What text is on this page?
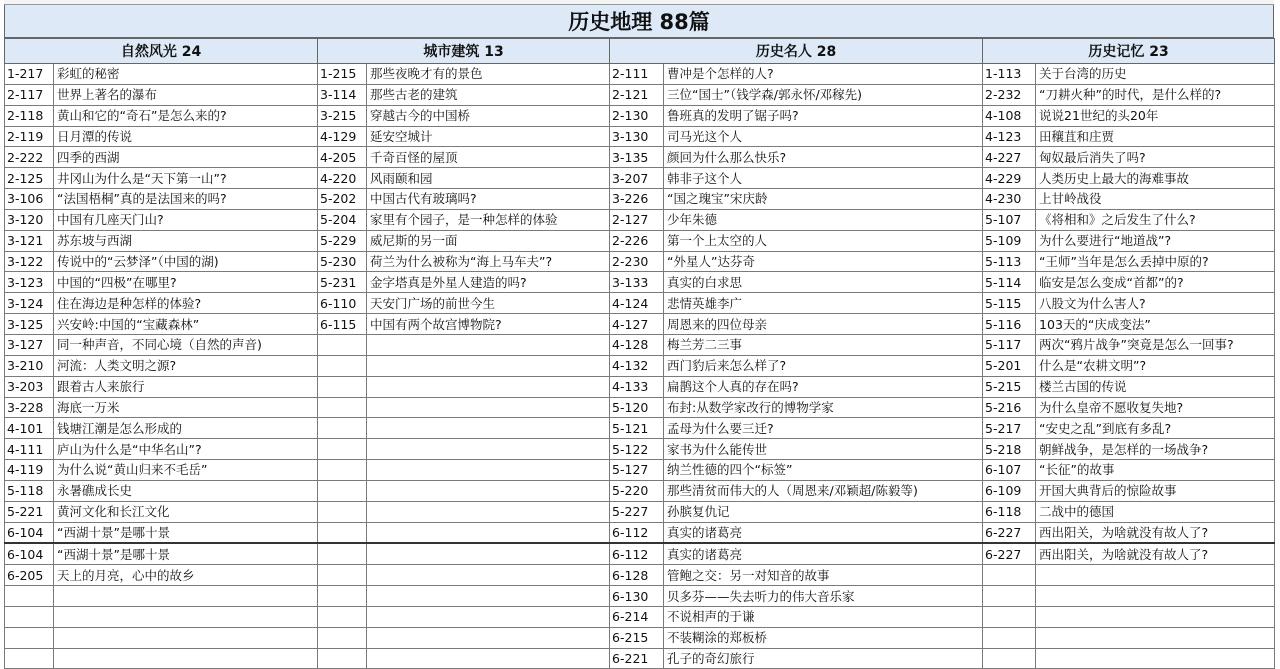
历史地理 88篇
自然风光 24		城市建筑 13		历史名人 28		历史记忆 23	
1-217	彩虹的秘密	1-215	那些夜晚才有的景色	2-111	曹冲是个怎样的人?	1-113	关于台湾的历史
2-117	世界上著名的瀑布	3-114	那些古老的建筑	2-121	三位“国士”（钱学森/郭永怀/邓稼先)	2-232	“刀耕火种”的时代，是什么样的?
2-118	黄山和它的“奇石”是怎么来的?	3-215	穿越古今的中国桥	2-130	鲁班真的发明了锯子吗?	4-108	说说21世纪的头20年
2-119	日月潭的传说	4-129	延安空城计	3-130	司马光这个人	4-123	田穰苴和庄贾
2-222	四季的西湖	4-205	千奇百怪的屋顶	3-135	颜回为什么那么快乐?	4-227	匈奴最后消失了吗?
2-125	井冈山为什么是“天下第一山”?	4-220	风雨颐和园	3-207	韩非子这个人	4-229	人类历史上最大的海难事故
3-106	“法国梧桐”真的是法国来的吗?	5-202	中国古代有玻璃吗?	3-226	“国之瑰宝”宋庆龄	4-230	上甘岭战役
3-120	中国有几座天门山?	5-204	家里有个园子，是一种怎样的体验	2-127	少年朱德	5-107	《将相和》之后发生了什么?
3-121	苏东坡与西湖	5-229	威尼斯的另一面	2-226	第一个上太空的人	5-109	为什么要进行“地道战”?
3-122	传说中的“云梦泽”（中国的湖)	5-230	荷兰为什么被称为“海上马车夫”?	2-230	“外星人”达芬奇	5-113	“王师”当年是怎么丢掉中原的?
3-123	中国的“四极”在哪里?	5-231	金字塔真是外星人建造的吗?	3-133	真实的白求思	5-114	临安是怎么变成“首都”的?
3-124	住在海边是种怎样的体验?	6-110	天安门广场的前世今生	4-124	悲情英雄李广	5-115	八股文为什么害人?
3-125	兴安岭:中国的“宝藏森林”	6-115	中国有两个故宫博物院?	4-127	周恩来的四位母亲	5-116	103天的“庆成变法”
3-127	同一种声音，不同心境（自然的声音)			4-128	梅兰芳二三事	5-117	两次“鸦片战争”突竟是怎么一回事?
3-210	河流：人类文明之源?			4-132	西门豹后来怎么样了?	5-201	什么是“农耕文明”?
3-203	跟着古人来旅行			4-133	扁鹊这个人真的存在吗?	5-215	楼兰古国的传说
3-228	海底一万米			5-120	布封:从数学家改行的博物学家	5-216	为什么皇帝不愿收复失地?
4-101	钱塘江潮是怎么形成的			5-121	孟母为什么要三迁?	5-217	“安史之乱”到底有多乱?
4-111	庐山为什么是“中华名山”?			5-122	家书为什么能传世	5-218	朝鲜战争，是怎样的一场战争?
4-119	为什么说“黄山归来不毛岳”			5-127	纳兰性德的四个“标签”	6-107	“长征”的故事
5-118	永暑礁成长史			5-220	那些清贫而伟大的人（周恩来/邓颖超/陈毅等)	6-109	开国大典背后的惊险故事
5-221	黄河文化和长江文化			5-227	孙膑复仇记	6-118	二战中的德国
6-104	“西湖十景”是哪十景			6-112	真实的诸葛亮	6-227	西出阳关，为啥就没有故人了?
6-104	“西湖十景”是哪十景			6-112	真实的诸葛亮	6-227	西出阳关，为啥就没有故人了?
6-205	天上的月亮，心中的故乡			6-128	管鲍之交：另一对知音的故事		
				6-130	贝多芬——失去听力的伟大音乐家		
				6-214	不说相声的于谦		
				6-215	不装糊涂的郑板桥		
				6-221	孔子的奇幻旅行		
